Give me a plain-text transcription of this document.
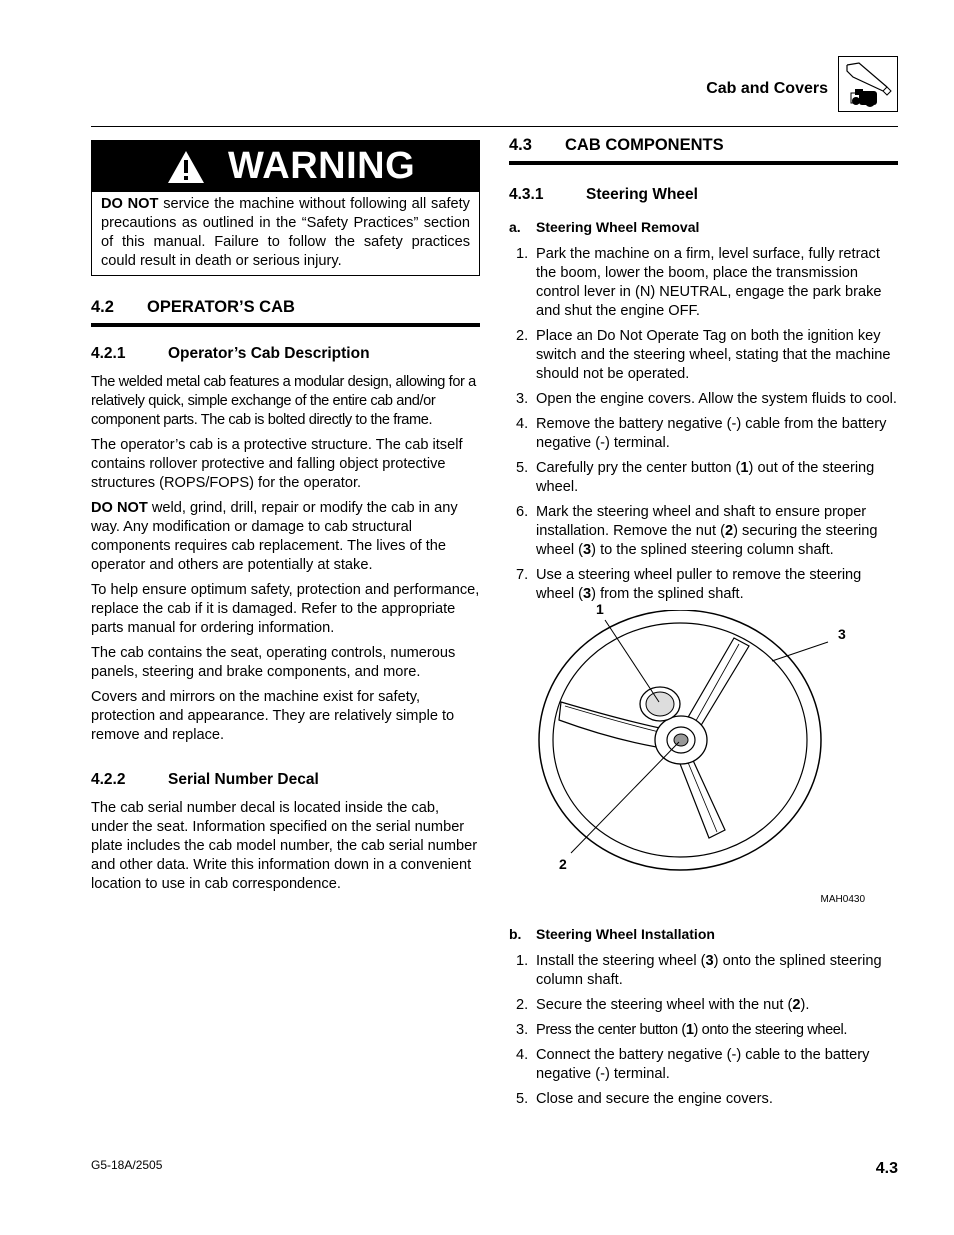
Cab and Covers
WARNING
DO NOT service the machine without following all safety precautions as outlined in the “Safety Practices” section of this manual. Failure to follow the safety practices could result in death or serious injury.
4.2	OPERATOR’S CAB
4.2.1	Operator’s Cab Description

The welded metal cab features a modular design, allowing for a relatively quick, simple exchange of the entire cab and/or component parts. The cab is bolted directly to the frame.

The operator’s cab is a protective structure. The cab itself contains rollover protective and falling object protective structures (ROPS/FOPS) for the operator.

DO NOT weld, grind, drill, repair or modify the cab in any way. Any modification or damage to cab structural components requires cab replacement. The lives of the operator and others are potentially at stake.

To help ensure optimum safety, protection and performance, replace the cab if it is damaged. Refer to the appropriate parts manual for ordering information.

The cab contains the seat, operating controls, numerous panels, steering and brake components, and more.

Covers and mirrors on the machine exist for safety, protection and appearance. They are relatively simple to remove and replace.

4.2.2	Serial Number Decal

The cab serial number decal is located inside the cab, under the seat. Information specified on the serial number plate includes the cab model number, the cab serial number and other data. Write this information down in a convenient location to use in cab correspondence.

4.3	CAB COMPONENTS
4.3.1	Steering Wheel
a.	Steering Wheel Removal
1. Park the machine on a firm, level surface, fully retract the boom, lower the boom, place the transmission control lever in (N) NEUTRAL, engage the park brake and shut the engine OFF.
2. Place an Do Not Operate Tag on both the ignition key switch and the steering wheel, stating that the machine should not be operated.
3. Open the engine covers. Allow the system fluids to cool.
4. Remove the battery negative (-) cable from the battery negative (-) terminal.
5. Carefully pry the center button (1) out of the steering wheel.
6. Mark the steering wheel and shaft to ensure proper installation. Remove the nut (2) securing the steering wheel (3) to the splined steering column shaft.
7. Use a steering wheel puller to remove the steering wheel (3) from the splined shaft.
1
2
3
MAH0430
b.	Steering Wheel Installation
1. Install the steering wheel (3) onto the splined steering column shaft.
2. Secure the steering wheel with the nut (2).
3. Press the center button (1) onto the steering wheel.
4. Connect the battery negative (-) cable to the battery negative (-) terminal.
5. Close and secure the engine covers.
G5-18A/2505	4.3
